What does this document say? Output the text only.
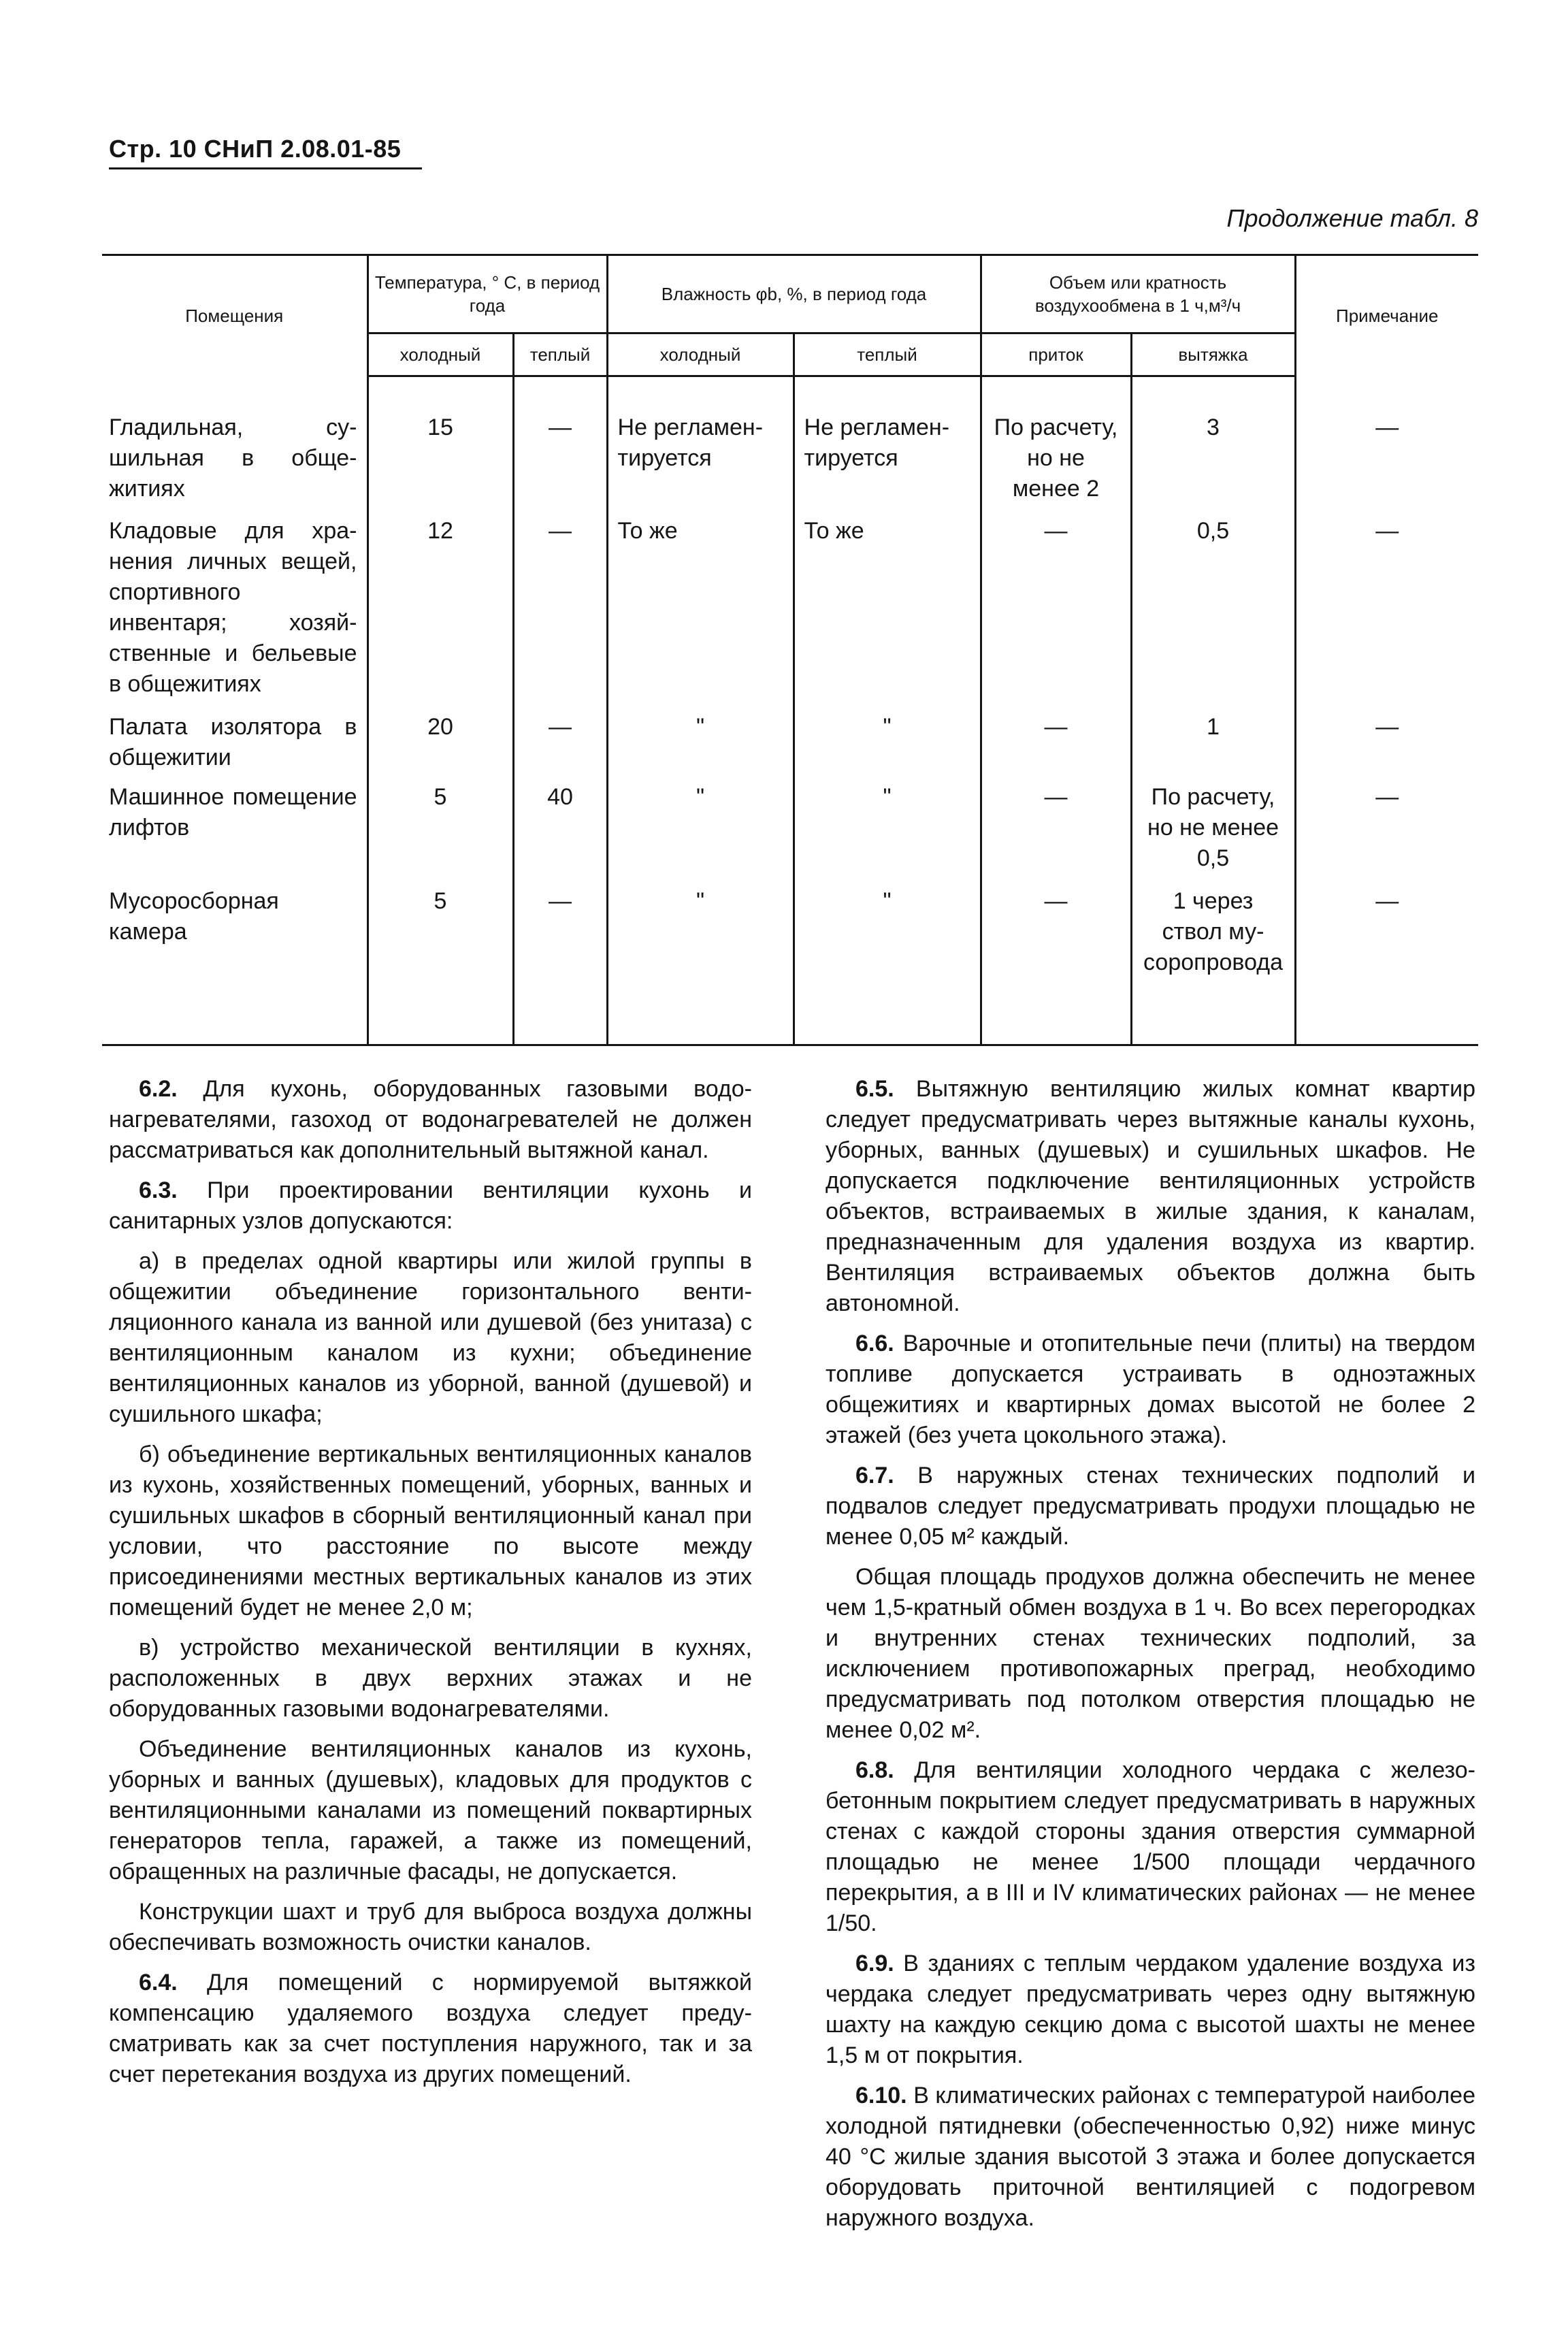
Стр. 10 СНиП 2.08.01-85
Продолжение табл. 8
Помещения	Температура, ° С, в период года		Влажность φb, %, в период года		Объем или кратность воздухообмена в 1 ч,м³/ч		Примечание
	холодный	теплый	холодный	теплый	приток	вытяжка	

Гладильная, сушильная в общежитиях	15	—	Не регламентируется	Не регламентируется	По расчету, но не менее 2	3	—
Кладовые для хранения личных вещей, спортивного инвентаря; хозяйственные и бельевые в общежитиях	12	—	То же	То же	—	0,5	—
Палата изолятора в общежитии	20	—	"	"	—	1	—
Машинное помещение лифтов	5	40	"	"	—	По расчету, но не менее 0,5	—
Мусоросборная камера	5	—	"	"	—	1 через ствол мусоропровода	—

6.2. Для кухонь, оборудованных газовыми водонагревателями, газоход от водонагревателей не должен рассматриваться как дополнительный вытяжной канал.

6.3. При проектировании вентиляции кухонь и санитарных узлов допускаются:

а) в пределах одной квартиры или жилой группы в общежитии объединение горизонтального вентиляционного канала из ванной или душевой (без унитаза) с вентиляционным каналом из кухни; объединение вентиляционных каналов из уборной, ванной (душевой) и сушильного шкафа;

б) объединение вертикальных вентиляционных каналов из кухонь, хозяйственных помещений, уборных, ванных и сушильных шкафов в сборный вентиляционный канал при условии, что расстояние по высоте между присоединениями местных вертикальных каналов из этих помещений будет не менее 2,0 м;

в) устройство механической вентиляции в кухнях, расположенных в двух верхних этажах и не оборудованных газовыми водонагревателями.

Объединение вентиляционных каналов из кухонь, уборных и ванных (душевых), кладовых для продуктов с вентиляционными каналами из помещений поквартирных генераторов тепла, гаражей, а также из помещений, обращенных на различные фасады, не допускается.

Конструкции шахт и труб для выброса воздуха должны обеспечивать возможность очистки каналов.

6.4. Для помещений с нормируемой вытяжкой компенсацию удаляемого воздуха следует предусматривать как за счет поступления наружного, так и за счет перетекания воздуха из других помещений.

6.5. Вытяжную вентиляцию жилых комнат квартир следует предусматривать через вытяжные каналы кухонь, уборных, ванных (душевых) и сушильных шкафов. Не допускается подключение вентиляционных устройств объектов, встраиваемых в жилые здания, к каналам, предназначенным для удаления воздуха из квартир. Вентиляция встраиваемых объектов должна быть автономной.

6.6. Варочные и отопительные печи (плиты) на твердом топливе допускается устраивать в одноэтажных общежитиях и квартирных домах высотой не более 2 этажей (без учета цокольного этажа).

6.7. В наружных стенах технических подполий и подвалов следует предусматривать продухи площадью не менее 0,05 м² каждый.

Общая площадь продухов должна обеспечить не менее чем 1,5-кратный обмен воздуха в 1 ч. Во всех перегородках и внутренних стенах технических подполий, за исключением противопожарных преград, необходимо предусматривать под потолком отверстия площадью не менее 0,02 м².

6.8. Для вентиляции холодного чердака с железобетонным покрытием следует предусматривать в наружных стенах с каждой стороны здания отверстия суммарной площадью не менее 1/500 площади чердачного перекрытия, а в III и IV климатических районах — не менее 1/50.

6.9. В зданиях с теплым чердаком удаление воздуха из чердака следует предусматривать через одну вытяжную шахту на каждую секцию дома с высотой шахты не менее 1,5 м от покрытия.

6.10. В климатических районах с температурой наиболее холодной пятидневки (обеспеченностью 0,92) ниже минус 40 °С жилые здания высотой 3 этажа и более допускается оборудовать приточной вентиляцией с подогревом наружного воздуха.
